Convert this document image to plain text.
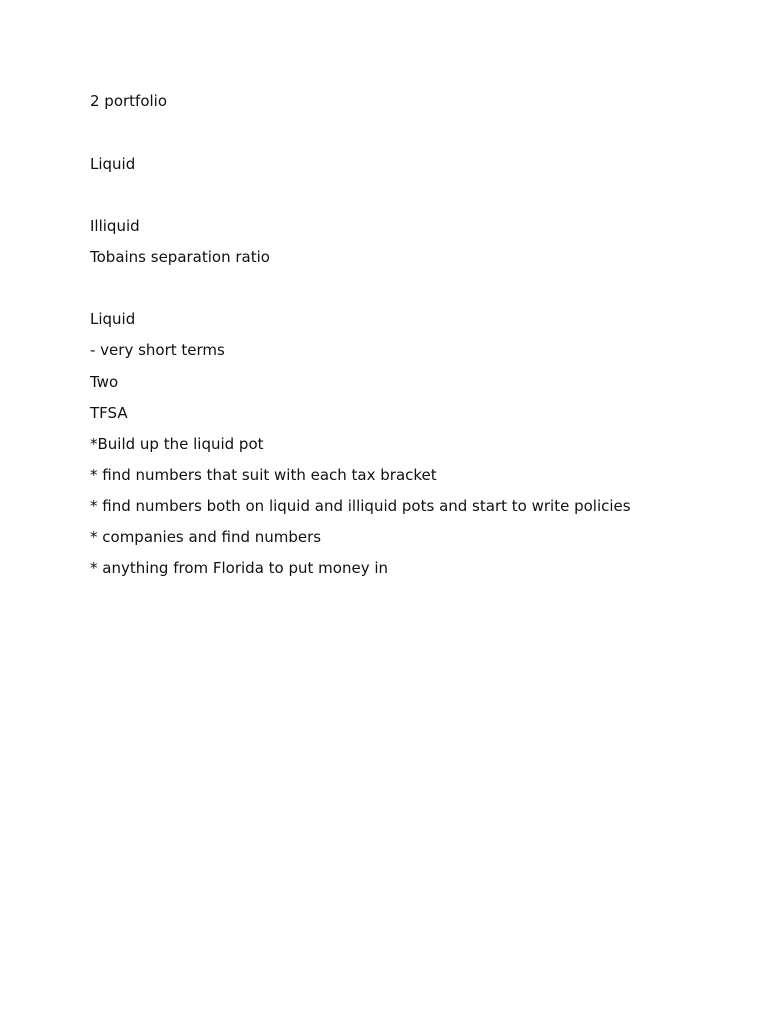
2 portfolio
Liquid
Illiquid
Tobains separation ratio
Liquid
- very short terms
Two
TFSA
*Build up the liquid pot
* find numbers that suit with each tax bracket
* find numbers both on liquid and illiquid pots and start to write policies
* companies and find numbers
* anything from Florida to put money in
